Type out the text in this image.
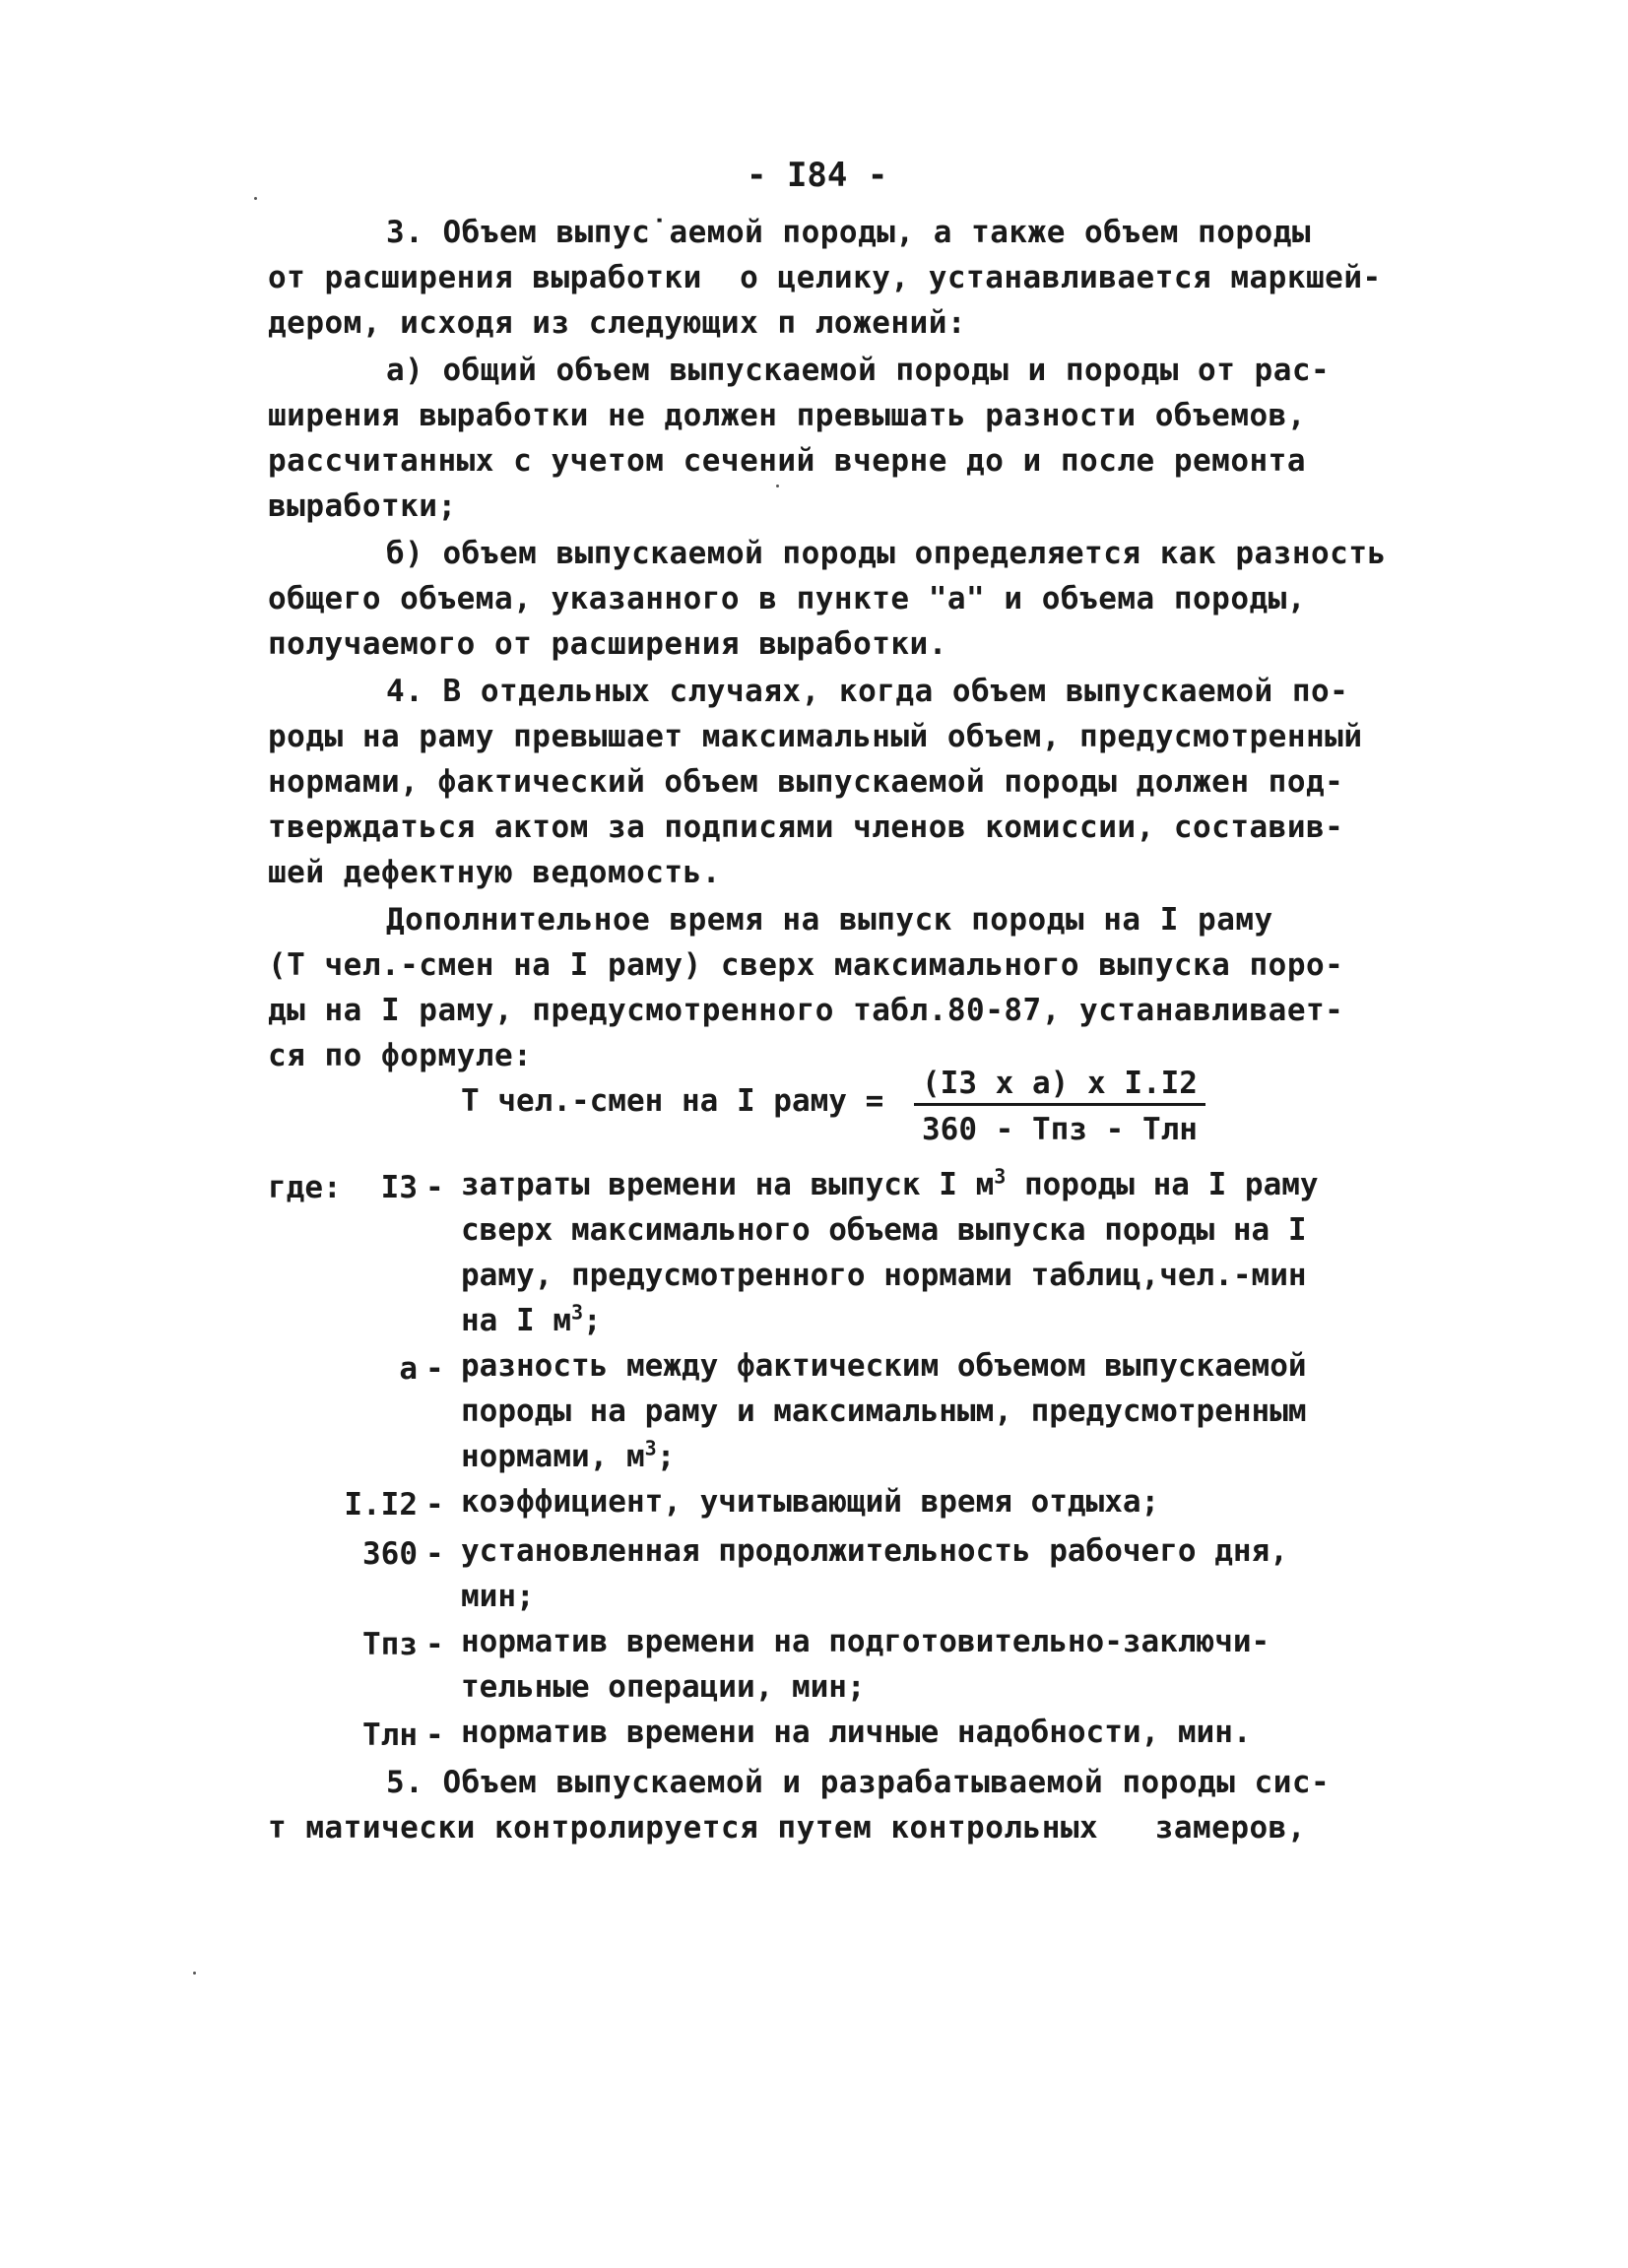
- I84 -
3. Объем выпус˙аемой породы, а также объем породы
от расширения выработки  о целику, устанавливается маркшей-
дером, исходя из следующих п ложений:
а) общий объем выпускаемой породы и породы от рас-
ширения выработки не должен превышать разности объемов,
рассчитанных с учетом сечений вчерне до и после ремонта
выработки;
б) объем выпускаемой породы определяется как разность
общего объема, указанного в пункте "а" и объема породы,
получаемого от расширения выработки.
4. В отдельных случаях, когда объем выпускаемой по-
роды на раму превышает максимальный объем, предусмотренный
нормами, фактический объем выпускаемой породы должен под-
тверждаться актом за подписями членов комиссии, составив-
шей дефектную ведомость.
Дополнительное время на выпуск породы на I раму
(Т чел.-смен на I раму) сверх максимального выпуска поро-
ды на I раму, предусмотренного табл.80-87, устанавливает-
ся по формуле:
Т чел.-смен на I раму = (I3 x a) x I.I2
360 - Тпз - Тлн
где:	I3 - затраты времени на выпуск I $м^3$ породы на I раму
сверх максимального объема выпуска породы на I
раму, предусмотренного нормами таблиц,чел.-мин
на I $м^3$;
а - разность между фактическим объемом выпускаемой
породы на раму и максимальным, предусмотренным
нормами, $м^3$;
I.I2 - коэффициент, учитывающий время отдыха;
360 - установленная продолжительность рабочего дня,
мин;
Тпз - норматив времени на подготовительно-заключи-
тельные операции, мин;
Тлн - норматив времени на личные надобности, мин.
5. Объем выпускаемой и разрабатываемой породы сис-
т матически контролируется путем контрольных   замеров,
